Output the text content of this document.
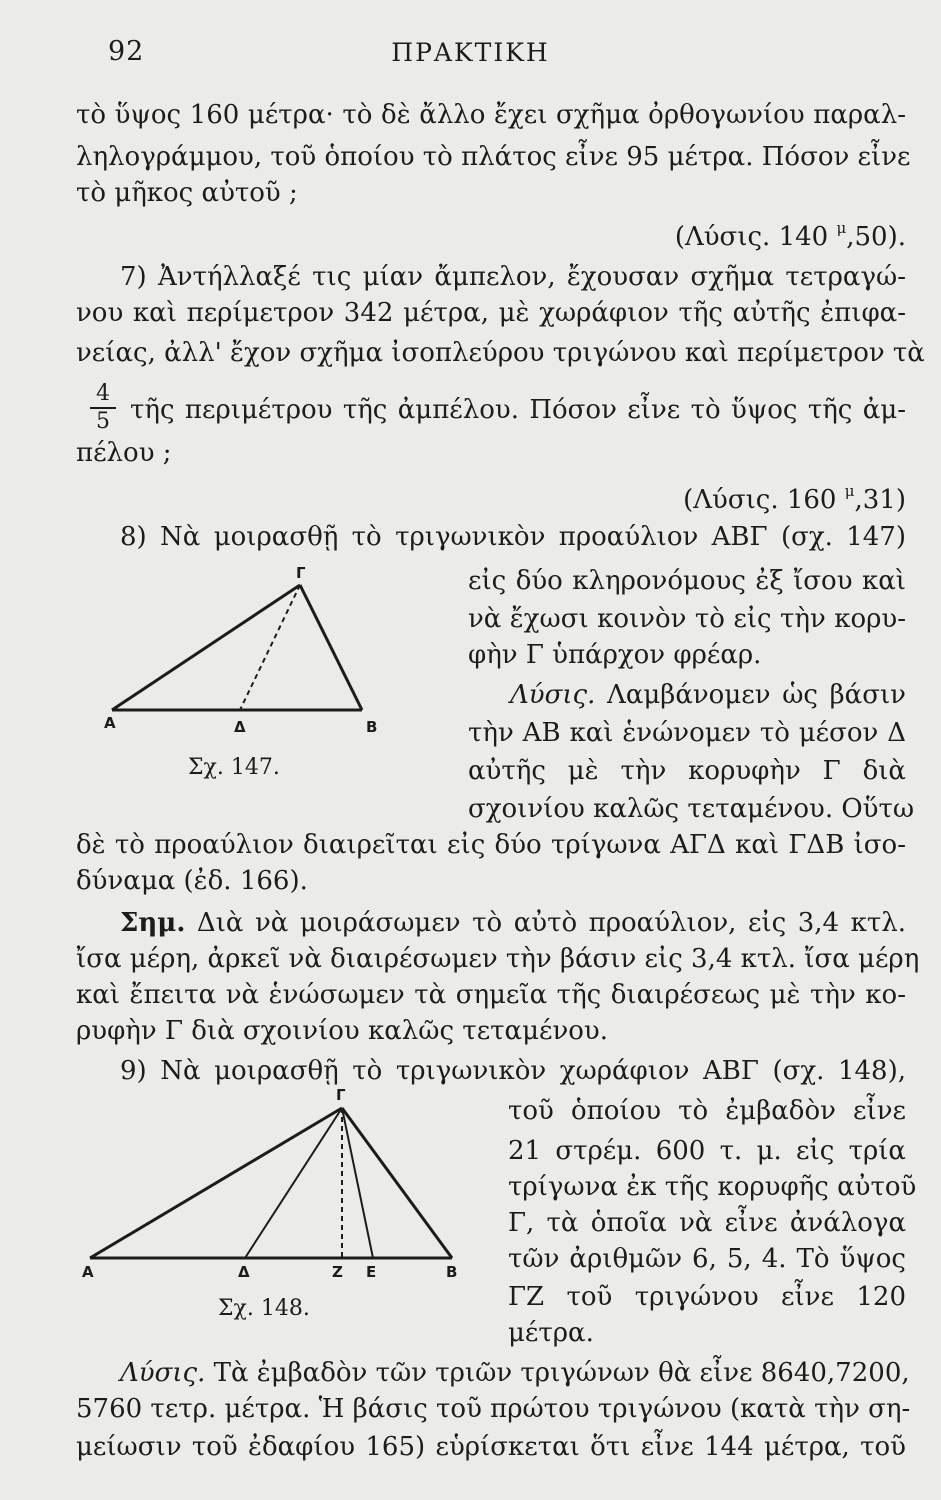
92	ΠΡΑΚΤΙΚΗ
τὸ ὕψος 160 μέτρα· τὸ δὲ ἄλλο ἔχει σχῆμα ὀρθογωνίου παραλ-
ληλογράμμου, τοῦ ὁποίου τὸ πλάτος εἶνε 95 μέτρα. Πόσον εἶνε
τὸ μῆκος αὐτοῦ ;
(Λύσις. 140 $^\mu$,50).
7) Ἀντήλλαξέ τις μίαν ἄμπελον, ἔχουσαν σχῆμα τετραγώ-
νου καὶ περίμετρον 342 μέτρα, μὲ χωράφιον τῆς αὐτῆς ἐπιφα-
νείας, ἀλλ' ἔχον σχῆμα ἰσοπλεύρου τριγώνου καὶ περίμετρον τὰ
4
5 τῆς περιμέτρου τῆς ἀμπέλου. Πόσον εἶνε τὸ ὕψος τῆς ἀμ-
πέλου ;
(Λύσις. 160 $^\mu$,31)
8) Νὰ μοιρασθῇ τὸ τριγωνικὸν προαύλιον ΑΒΓ (σχ. 147)
εἰς δύο κληρονόμους ἐξ ἴσου καὶ
νὰ ἔχωσι κοινὸν τὸ εἰς τὴν κορυ-
φὴν Γ ὑπάρχον φρέαρ.
Λύσις. Λαμβάνομεν ὡς βάσιν
τὴν ΑΒ καὶ ἑνώνομεν τὸ μέσον Δ
αὐτῆς μὲ τὴν κορυφὴν Γ διὰ
σχοινίου καλῶς τεταμένου. Οὕτω
δὲ τὸ προαύλιον διαιρεῖται εἰς δύο τρίγωνα ΑΓΔ καὶ ΓΔΒ ἰσο-
δύναμα (ἐδ. 166).
Σημ. Διὰ νὰ μοιράσωμεν τὸ αὐτὸ προαύλιον, εἰς 3,4 κτλ.
ἴσα μέρη, ἀρκεῖ νὰ διαιρέσωμεν τὴν βάσιν εἰς 3,4 κτλ. ἴσα μέρη
καὶ ἔπειτα νὰ ἑνώσωμεν τὰ σημεῖα τῆς διαιρέσεως μὲ τὴν κο-
ρυφὴν Γ διὰ σχοινίου καλῶς τεταμένου.
9) Νὰ μοιρασθῇ τὸ τριγωνικὸν χωράφιον ΑΒΓ (σχ. 148),
τοῦ ὁποίου τὸ ἐμβαδὸν εἶνε
21 στρέμ. 600 τ. μ. εἰς τρία
τρίγωνα ἐκ τῆς κορυφῆς αὐτοῦ
Γ, τὰ ὁποῖα νὰ εἶνε ἀνάλογα
τῶν ἀριθμῶν 6, 5, 4. Τὸ ὕψος
ΓΖ τοῦ τριγώνου εἶνε 120
μέτρα.
Λύσις. Τὰ ἐμβαδὸν τῶν τριῶν τριγώνων θὰ εἶνε 8640,7200,
5760 τετρ. μέτρα. Ἡ βάσις τοῦ πρώτου τριγώνου (κατὰ τὴν ση-
μείωσιν τοῦ ἐδαφίου 165) εὑρίσκεται ὅτι εἶνε 144 μέτρα, τοῦ
Α	Δ	Β
Γ
Σχ. 147.
Α	Δ	Ζ Ε	Β
Γ
Σχ. 148.
